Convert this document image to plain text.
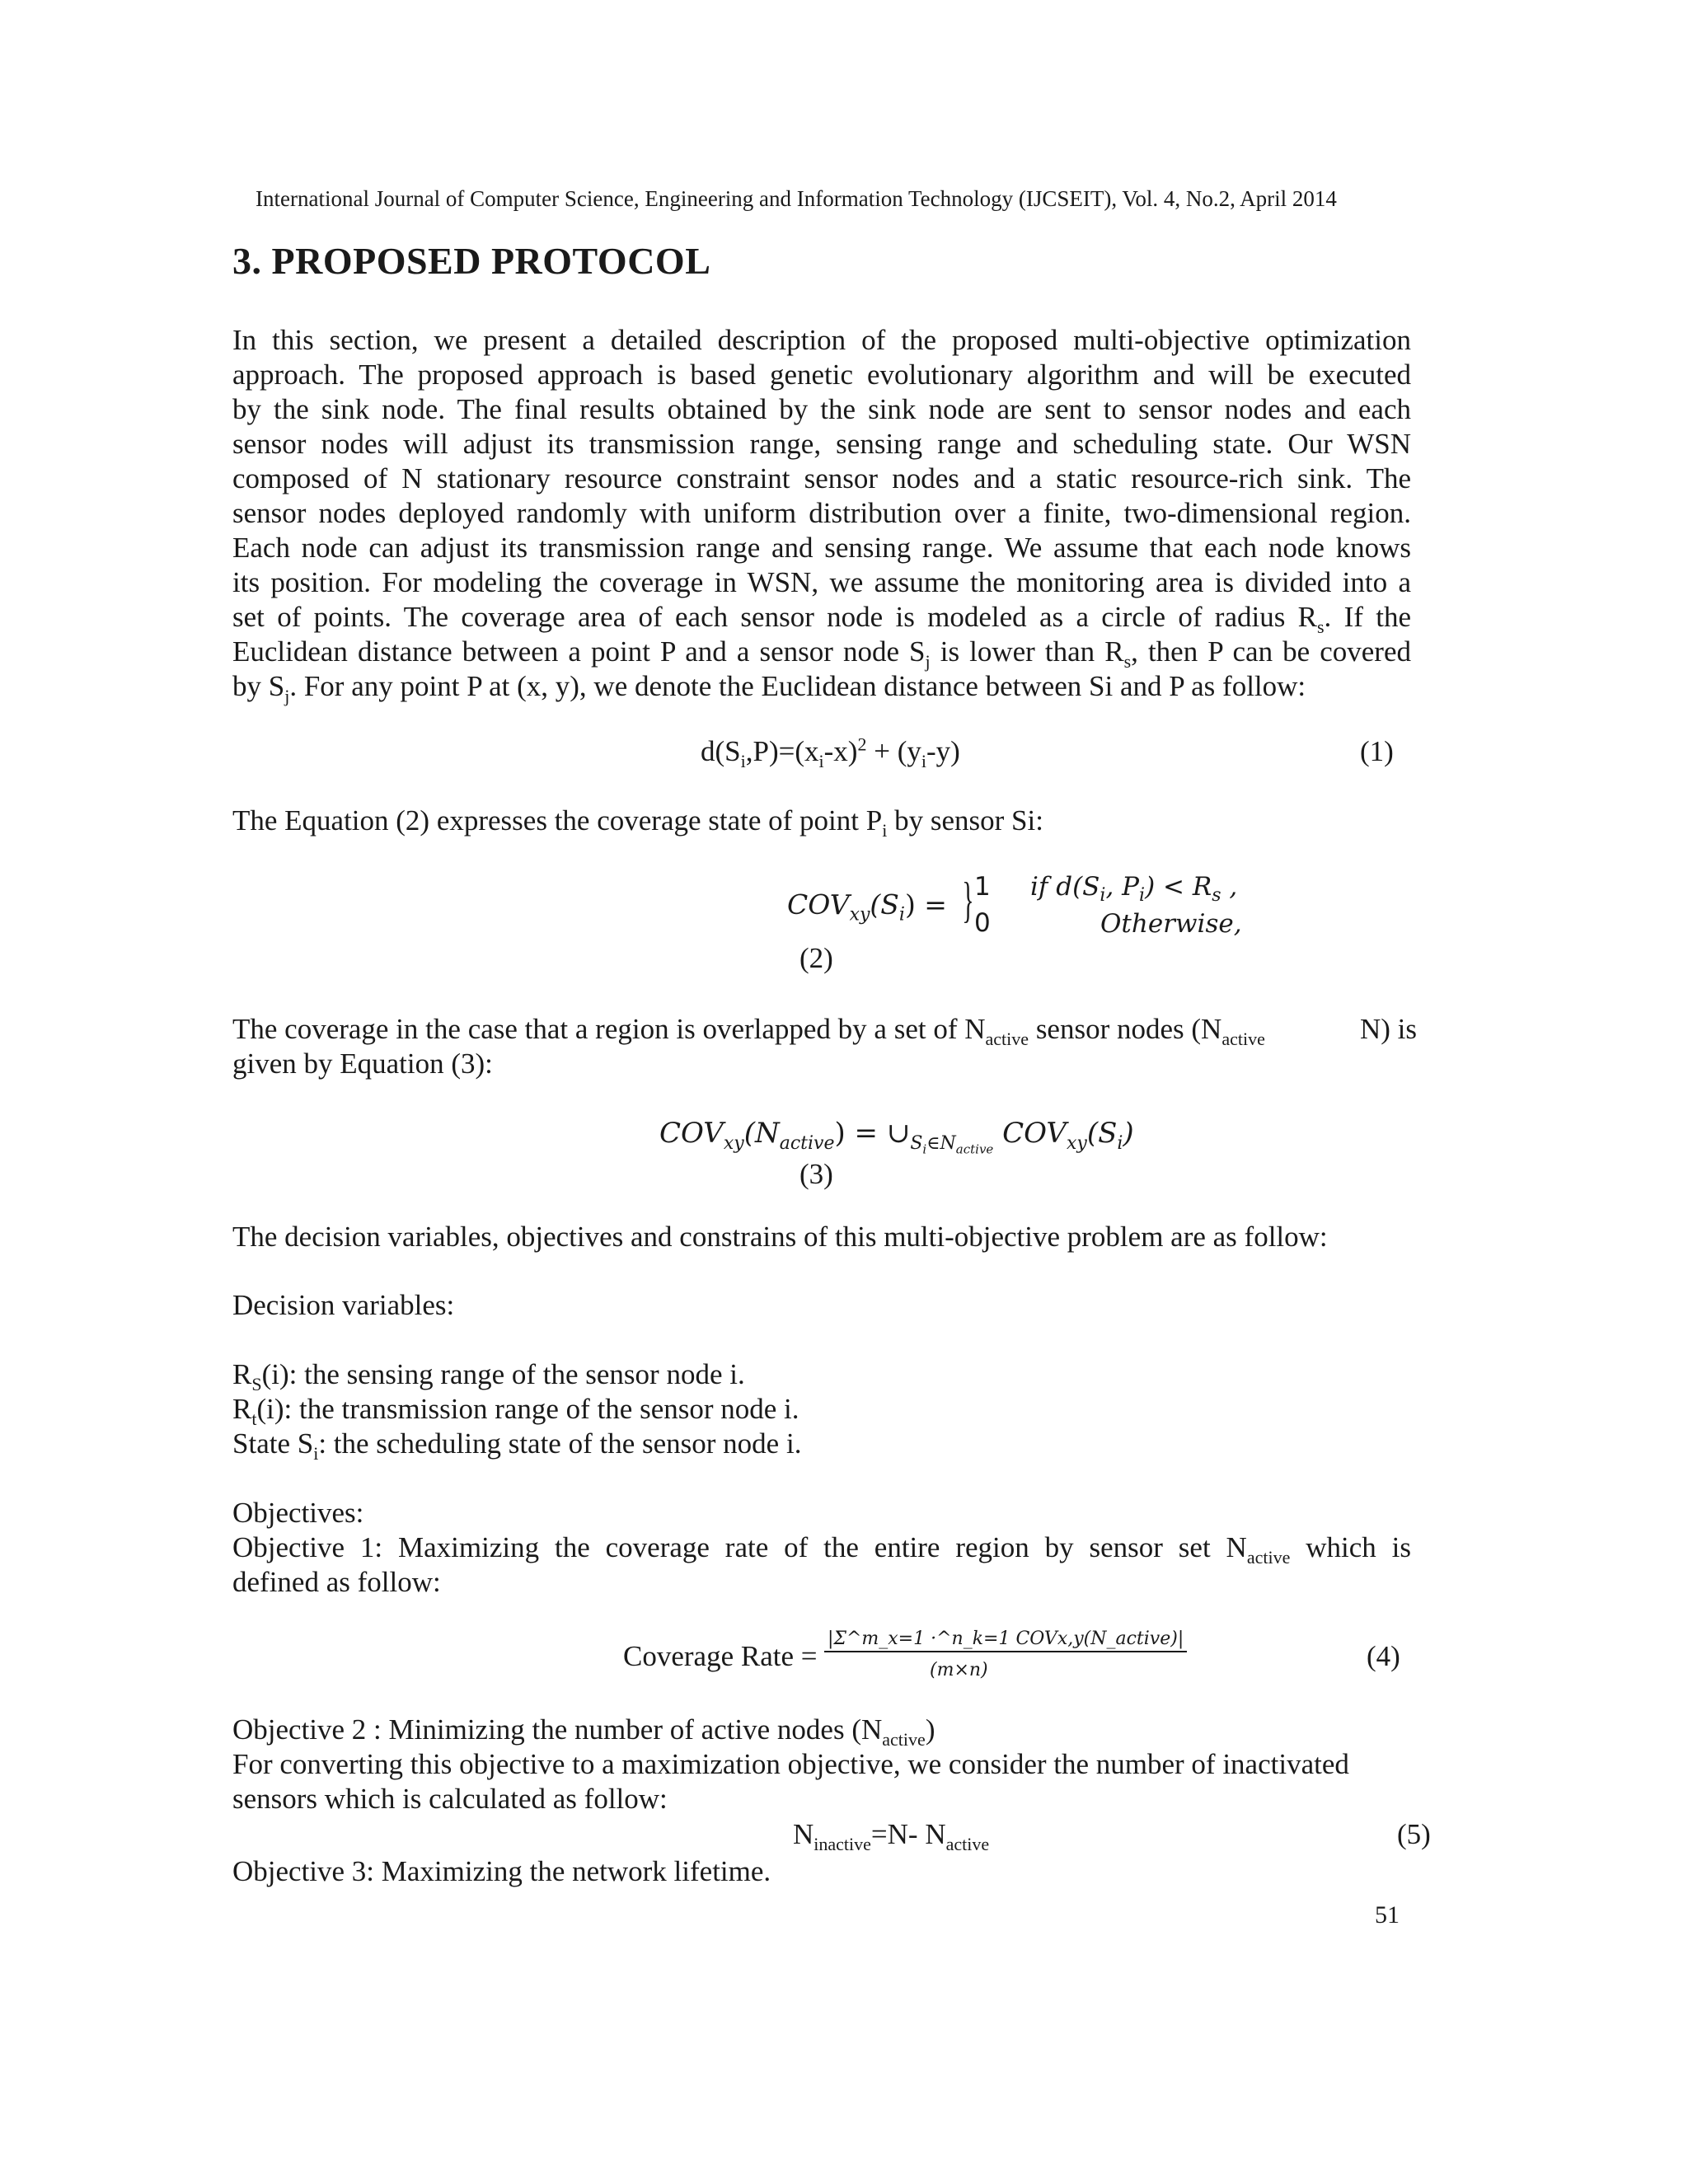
International Journal of Computer Science, Engineering and Information Technology (IJCSEIT), Vol. 4, No.2, April 2014
3. PROPOSED PROTOCOL
In this section, we present a detailed description of the proposed multi-objective optimization
approach. The proposed approach is based genetic evolutionary algorithm and will be executed
by the sink node. The final results obtained by the sink node are sent to sensor nodes and each
sensor nodes will adjust its transmission range, sensing range and scheduling state. Our WSN
composed of N stationary resource constraint sensor nodes and a static resource-rich sink. The
sensor nodes deployed randomly with uniform distribution over a finite, two-dimensional region.
Each node can adjust its transmission range and sensing range. We assume that each node knows
its position. For modeling the coverage in WSN, we assume the monitoring area is divided into a
set of points. The coverage area of each sensor node is modeled as a circle of radius $R_s$. If the
Euclidean distance between a point P and a sensor node $S_j$ is lower than $R_s$, then P can be covered
by $S_j$. For any point P at (x, y), we denote the Euclidean distance between Si and P as follow:
$d(S_i,P)=(x_i-x)^2 + (y_i-y)$	(1)
The Equation (2) expresses the coverage state of point $P_i$ by sensor Si:
$COV_{xy}(S_i)$ = } 1
0
if $d(S_i$, $P_i) < R_s$ ,
Otherwise,
(2)
The coverage in the case that a region is overlapped by a set of $N_{active}$ sensor nodes ($N_{active}$	N) is
given by Equation (3):
$COV_{xy}(N_{active})$ = $\cup_{S_i\in N_{active}}$ $COV_{xy}(S_i)$
(3)
The decision variables, objectives and constrains of this multi-objective problem are as follow:
Decision variables:
$R_S(i)$: the sensing range of the sensor node i.
$R_t(i)$: the transmission range of the sensor node i.
State $S_i$: the scheduling state of the sensor node i.
Objectives:
Objective 1: Maximizing the coverage rate of the entire region by sensor set $N_{active}$ which is
defined as follow:
Coverage Rate =
|Σ^m_x=1 ·^n_k=1 COVx,y(N_active)|
(m×n)	(4)
Objective 2 : Minimizing the number of active nodes $(N_{active})$
For converting this objective to a maximization objective, we consider the number of inactivated
sensors which is calculated as follow:
$N_{inactive}=N-$ $N_{active}$	(5)
Objective 3: Maximizing the network lifetime.
51
